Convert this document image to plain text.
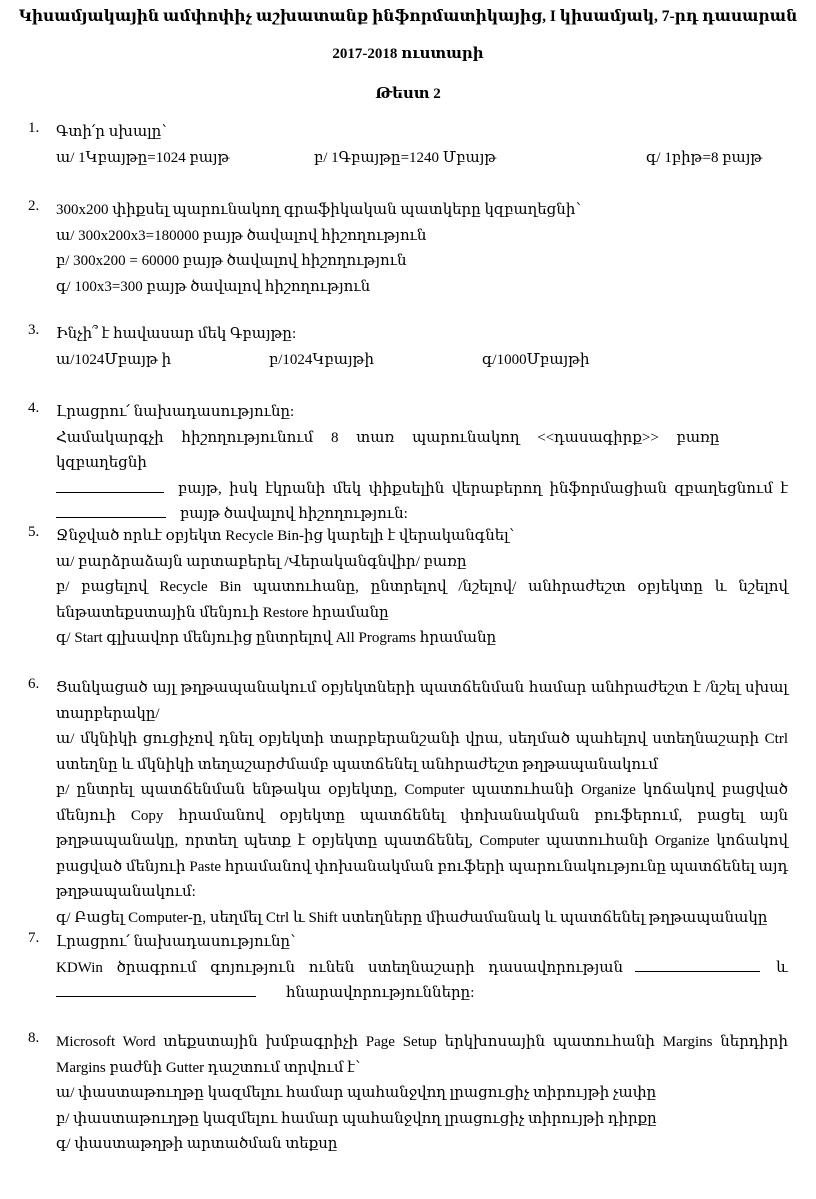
Կիսամյակային ամփոփիչ աշխատանք ինֆորմատիկայից, I կիսամյակ, 7-րդ դասարան
2017-2018 ուստարի
Թեստ 2
1. Գտի՛ր սխալը՝
ա/ 1Կբայթը=1024 բայթ	բ/ 1Գբայթը=1240 Մբայթ	գ/ 1բիթ=8 բայթ
2. 300x200 փիքսել պարունակող գրաֆիկական պատկերը կզբաղեցնի՝
ա/ 300x200x3=180000 բայթ ծավալով հիշողություն
բ/ 300x200 = 60000 բայթ ծավալով հիշողություն
գ/ 100x3=300 բայթ ծավալով հիշողություն
3. Ինչի՞ է հավասար մեկ Գբայթը:
ա/1024Մբայթ ի	բ/1024Կբայթի	գ/1000Մբայթի
4. Լրացրու՛ նախադասությունը:
Համակարգչի հիշողությունում 8 տառ պարունակող <<դասագիրք>> բառը կզբաղեցնի
բայթ, իսկ էկրանի մեկ փիքսելին վերաբերող ինֆորմացիան զբաղեցնում է
բայթ ծավալով հիշողություն:
5. Ջնջված որևէ օբյեկտ Recycle Bin-ից կարելի է վերականգնել՝
ա/ բարձրաձայն արտաբերել /Վերականգնվիր/ բառը
բ/ բացելով Recycle Bin պատուհանը, ընտրելով /նշելով/ անհրաժեշտ օբյեկտը և նշելով ենթատեքստային մենյուի Restore հրամանը
գ/ Start գլխավոր մենյուից ընտրելով All Programs հրամանը
6. Ցանկացած այլ թղթապանակում օբյեկտների պատճենման համար անհրաժեշտ է /նշել սխալ տարբերակը/
ա/ մկնիկի ցուցիչով դնել օբյեկտի տարբերանշանի վրա, սեղմած պահելով ստեղնաշարի Ctrl ստեղնը և մկնիկի տեղաշարժմամբ պատճենել անհրաժեշտ թղթապանակում
բ/ ընտրել պատճենման ենթակա օբյեկտը, Computer պատուհանի Organize կոճակով բացված մենյուի Copy հրամանով օբյեկտը պատճենել փոխանակման բուֆերում, բացել այն թղթապանակը, որտեղ պետք է օբյեկտը պատճենել, Computer պատուհանի Organize կոճակով բացված մենյուի Paste հրամանով փոխանակման բուֆերի պարունակությունը պատճենել այդ թղթապանակում:
գ/ Բացել Computer-ը, սեղմել Ctrl և Shift ստեղները միաժամանակ և պատճենել թղթապանակը
7. Լրացրու՛ նախադասությունը՝
KDWin ծրագրում գոյություն ունեն ստեղնաշարի դասավորության	և
հնարավորությունները:
8. Microsoft Word տեքստային խմբագրիչի Page Setup երկխոսային պատուհանի Margins ներդիրի Margins բաժնի Gutter դաշտում տրվում է՝
ա/ փաստաթուղթը կազմելու համար պահանջվող լրացուցիչ տիրույթի չափը
բ/ փաստաթուղթը կազմելու համար պահանջվող լրացուցիչ տիրույթի դիրքը
գ/ փաստաթղթի արտածման տեքսը
